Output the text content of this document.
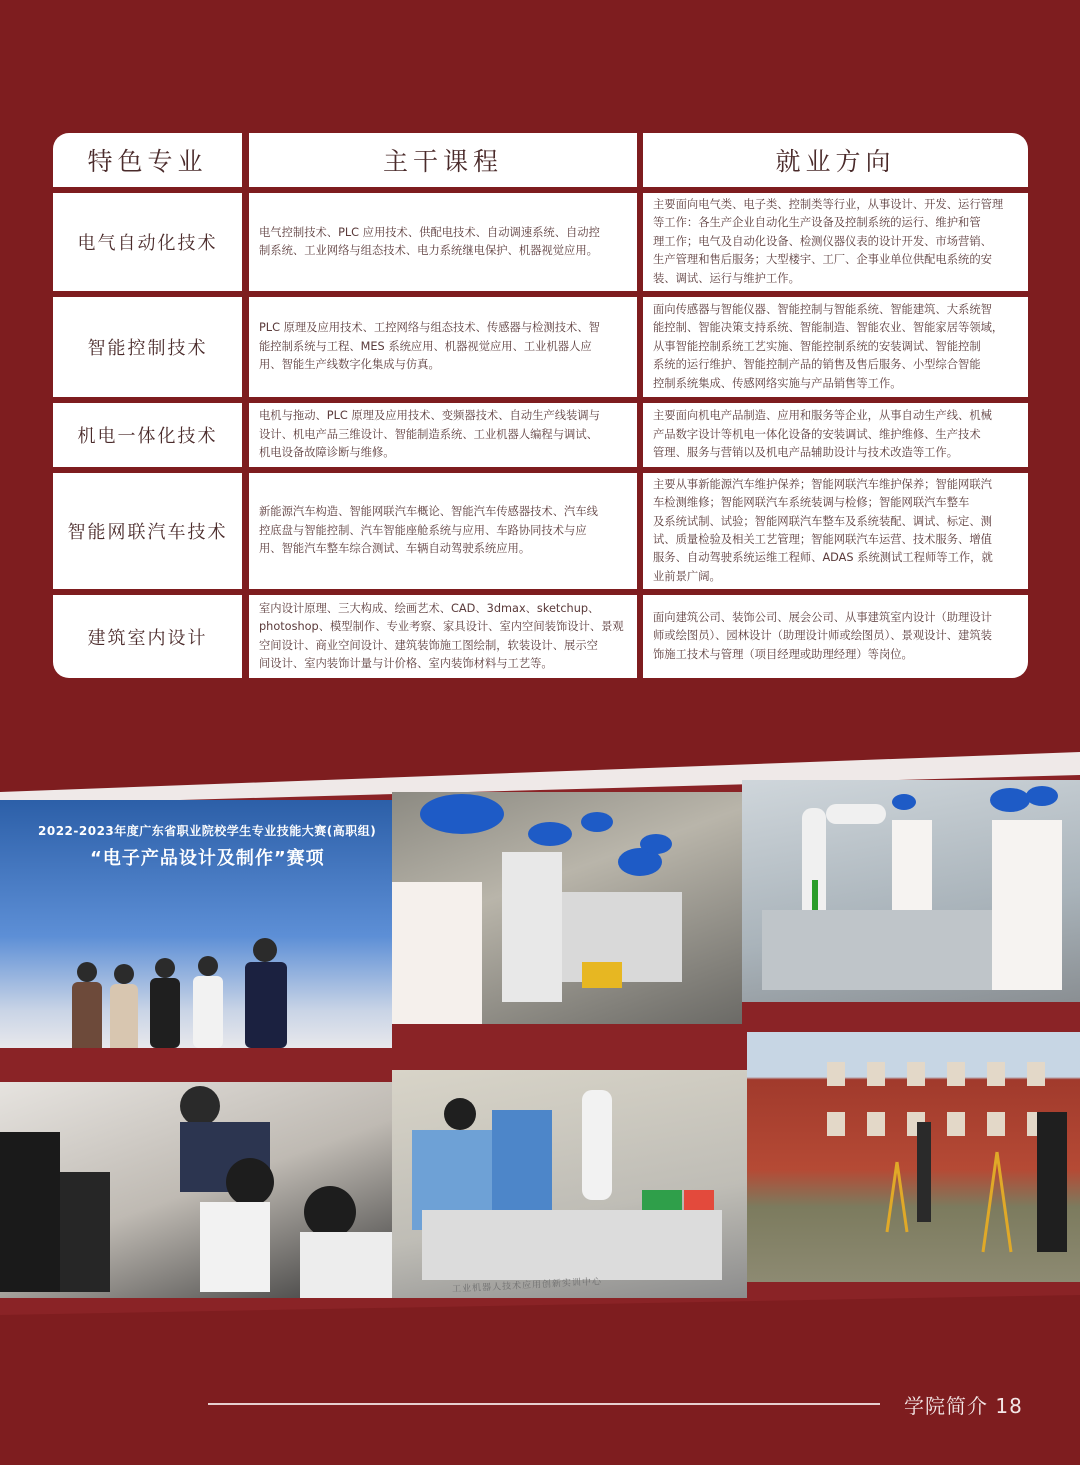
特色专业	主干课程	就业方向
电气自动化技术
电气控制技术、PLC 应用技术、供配电技术、自动调速系统、自动控
制系统、工业网络与组态技术、电力系统继电保护、机器视觉应用。
主要面向电气类、电子类、控制类等行业，从事设计、开发、运行管理
等工作：各生产企业自动化生产设备及控制系统的运行、维护和管
理工作；电气及自动化设备、检测仪器仪表的设计开发、市场营销、
生产管理和售后服务；大型楼宇、工厂、企事业单位供配电系统的安
装、调试、运行与维护工作。
智能控制技术
PLC 原理及应用技术、工控网络与组态技术、传感器与检测技术、智
能控制系统与工程、MES 系统应用、机器视觉应用、工业机器人应
用、智能生产线数字化集成与仿真。
面向传感器与智能仪器、智能控制与智能系统、智能建筑、大系统智
能控制、智能决策支持系统、智能制造、智能农业、智能家居等领域，
从事智能控制系统工艺实施、智能控制系统的安装调试、智能控制
系统的运行维护、智能控制产品的销售及售后服务、小型综合智能
控制系统集成、传感网络实施与产品销售等工作。
机电一体化技术
电机与拖动、PLC 原理及应用技术、变频器技术、自动生产线装调与
设计、机电产品三维设计、智能制造系统、工业机器人编程与调试、
机电设备故障诊断与维修。
主要面向机电产品制造、应用和服务等企业，从事自动生产线、机械
产品数字设计等机电一体化设备的安装调试、维护维修、生产技术
管理、服务与营销以及机电产品辅助设计与技术改造等工作。
智能网联汽车技术
新能源汽车构造、智能网联汽车概论、智能汽车传感器技术、汽车线
控底盘与智能控制、汽车智能座舱系统与应用、车路协同技术与应
用、智能汽车整车综合测试、车辆自动驾驶系统应用。
主要从事新能源汽车维护保养；智能网联汽车维护保养；智能网联汽
车检测维修；智能网联汽车系统装调与检修；智能网联汽车整车
及系统试制、试验；智能网联汽车整车及系统装配、调试、标定、测
试、质量检验及相关工艺管理；智能网联汽车运营、技术服务、增值
服务、自动驾驶系统运维工程师、ADAS 系统测试工程师等工作，就
业前景广阔。
建筑室内设计
室内设计原理、三大构成、绘画艺术、CAD、3dmax、sketchup、
photoshop、模型制作、专业考察、家具设计、室内空间装饰设计、景观
空间设计、商业空间设计、建筑装饰施工图绘制，软装设计、展示空
间设计、室内装饰计量与计价格、室内装饰材料与工艺等。
面向建筑公司、装饰公司、展会公司、从事建筑室内设计（助理设计
师或绘图员）、园林设计（助理设计师或绘图员）、景观设计、建筑装
饰施工技术与管理（项目经理或助理经理）等岗位。
2022-2023年度广东省职业院校学生专业技能大赛(高职组)
“电子产品设计及制作”赛项
工业机器人技术应用创新实训中心
学院简介 18
